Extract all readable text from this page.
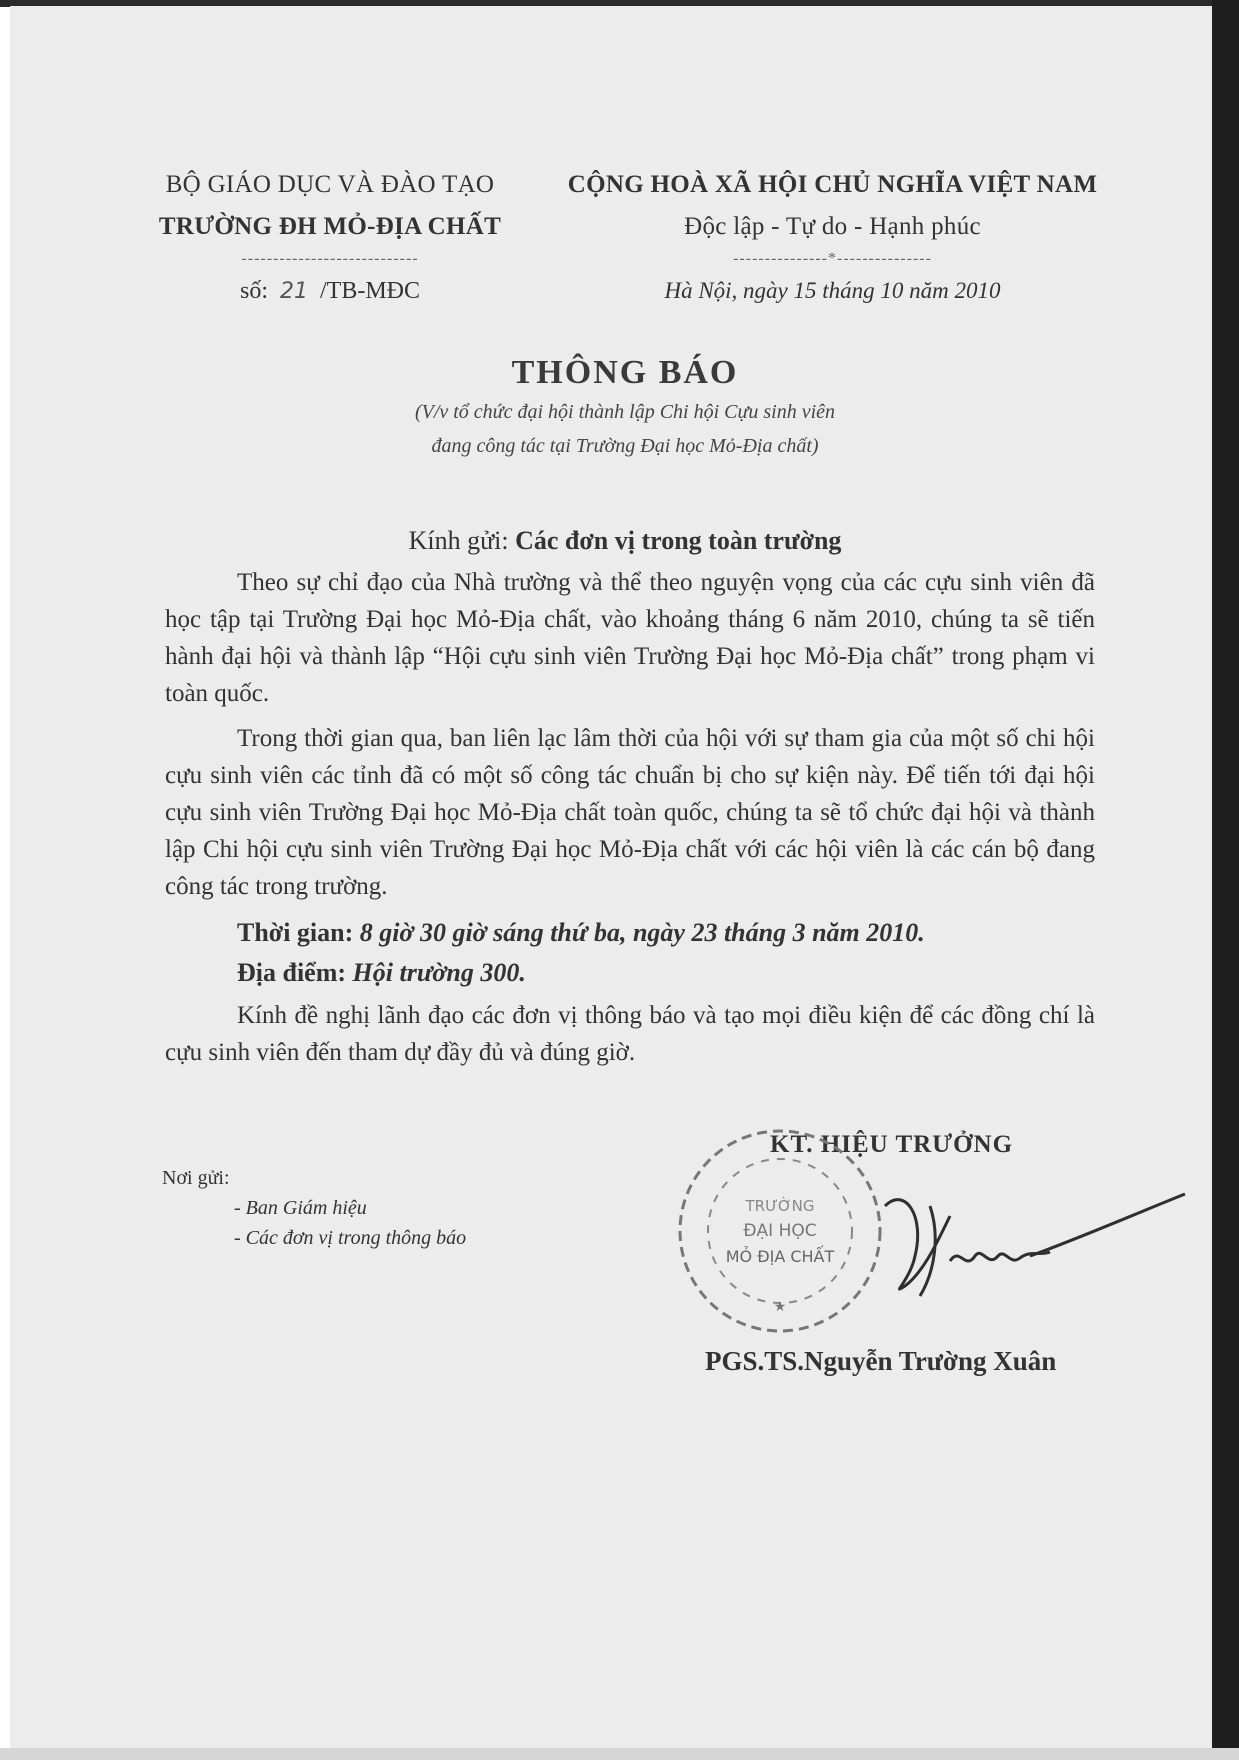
BỘ GIÁO DỤC VÀ ĐÀO TẠO
TRƯỜNG ĐH MỎ-ĐỊA CHẤT
----------------------------
số: 21 /TB-MĐC
CỘNG HOÀ XÃ HỘI CHỦ NGHĨA VIỆT NAM
Độc lập - Tự do - Hạnh phúc
---------------*---------------
Hà Nội, ngày 15 tháng 10 năm 2010
THÔNG BÁO
(V/v tổ chức đại hội thành lập Chi hội Cựu sinh viên
đang công tác tại Trường Đại học Mỏ-Địa chất)
Kính gửi: Các đơn vị trong toàn trường

Theo sự chỉ đạo của Nhà trường và thể theo nguyện vọng của các cựu sinh viên đã học tập tại Trường Đại học Mỏ-Địa chất, vào khoảng tháng 6 năm 2010, chúng ta sẽ tiến hành đại hội và thành lập “Hội cựu sinh viên Trường Đại học Mỏ-Địa chất” trong phạm vi toàn quốc.

Trong thời gian qua, ban liên lạc lâm thời của hội với sự tham gia của một số chi hội cựu sinh viên các tỉnh đã có một số công tác chuẩn bị cho sự kiện này. Để tiến tới đại hội cựu sinh viên Trường Đại học Mỏ-Địa chất toàn quốc, chúng ta sẽ tổ chức đại hội và thành lập Chi hội cựu sinh viên Trường Đại học Mỏ-Địa chất với các hội viên là các cán bộ đang công tác trong trường.

Thời gian: 8 giờ 30 giờ sáng thứ ba, ngày 23 tháng 3 năm 2010.
Địa điểm: Hội trường 300.

Kính đề nghị lãnh đạo các đơn vị thông báo và tạo mọi điều kiện để các đồng chí là cựu sinh viên đến tham dự đầy đủ và đúng giờ.

Nơi gửi:
- Ban Giám hiệu
- Các đơn vị trong thông báo
KT. HIỆU TRƯỞNG
TRƯỜNG
ĐẠI HỌC
MỎ ĐỊA CHẤT
★
PGS.TS.Nguyễn Trường Xuân
